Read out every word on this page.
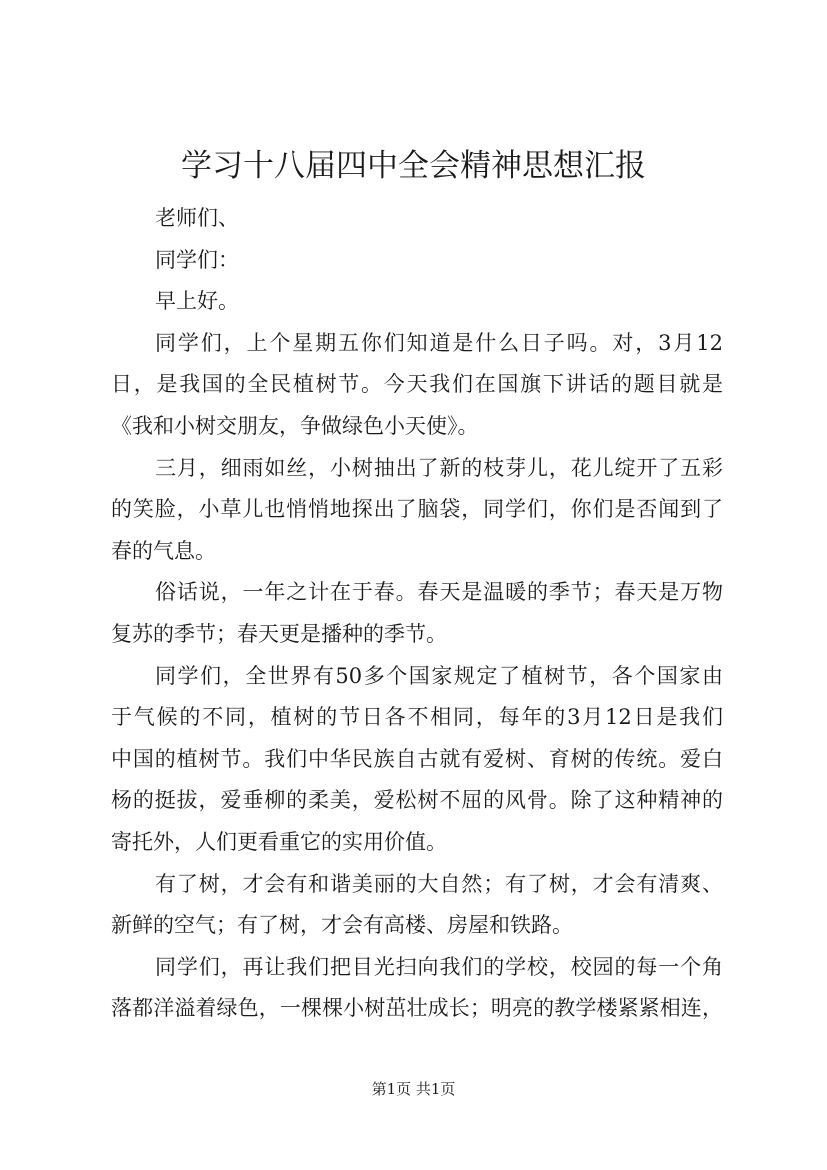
学习十八届四中全会精神思想汇报
老师们、
同学们：
早上好。
同学们，上个星期五你们知道是什么日子吗。对，3月12
日，是我国的全民植树节。今天我们在国旗下讲话的题目就是
《我和小树交朋友，争做绿色小天使》。
三月，细雨如丝，小树抽出了新的枝芽儿，花儿绽开了五彩
的笑脸，小草儿也悄悄地探出了脑袋，同学们，你们是否闻到了
春的气息。
俗话说，一年之计在于春。春天是温暖的季节；春天是万物
复苏的季节；春天更是播种的季节。
同学们，全世界有50多个国家规定了植树节，各个国家由
于气候的不同，植树的节日各不相同，每年的3月12日是我们
中国的植树节。我们中华民族自古就有爱树、育树的传统。爱白
杨的挺拔，爱垂柳的柔美，爱松树不屈的风骨。除了这种精神的
寄托外，人们更看重它的实用价值。
有了树，才会有和谐美丽的大自然；有了树，才会有清爽、
新鲜的空气；有了树，才会有高楼、房屋和铁路。
同学们，再让我们把目光扫向我们的学校，校园的每一个角
落都洋溢着绿色，一棵棵小树茁壮成长；明亮的教学楼紧紧相连，
第1页 共1页
